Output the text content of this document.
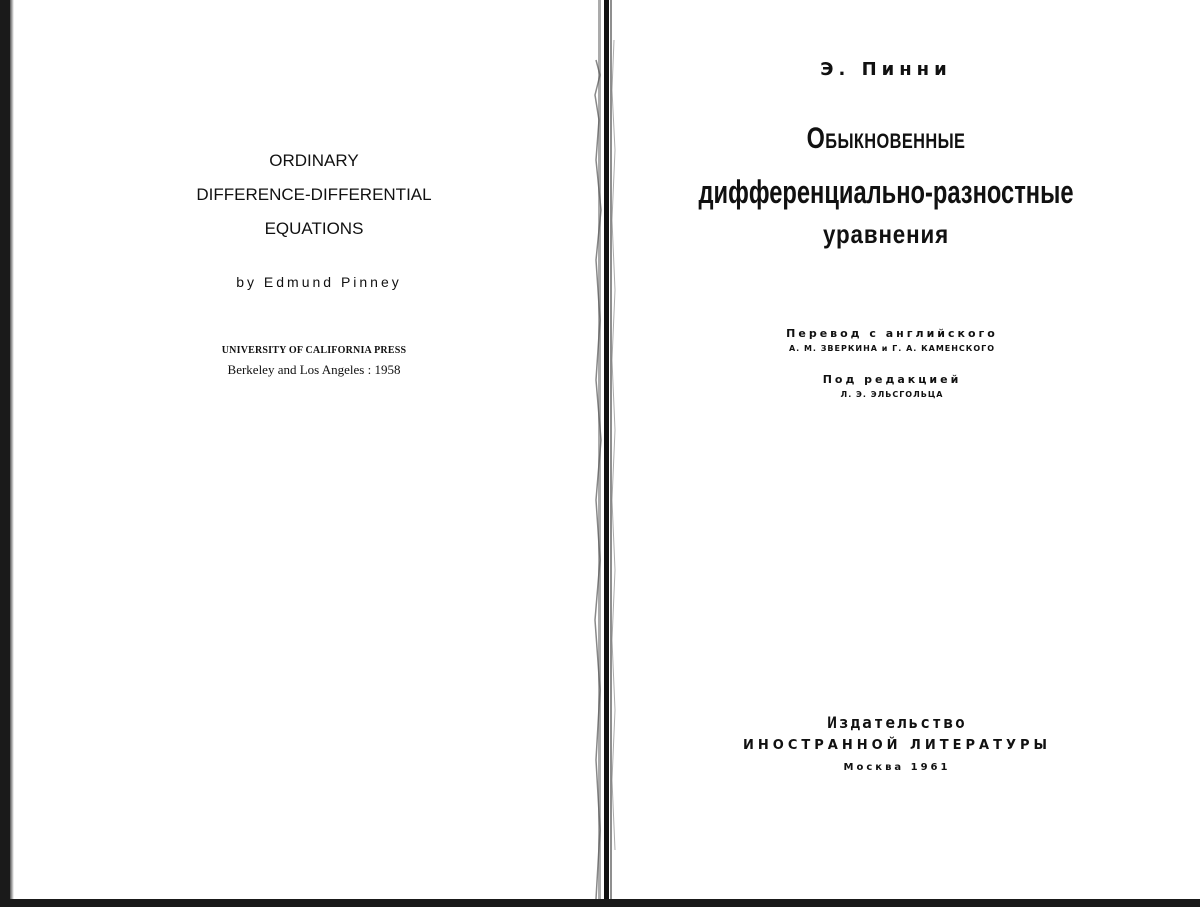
ORDINARY
DIFFERENCE-DIFFERENTIAL
EQUATIONS
by Edmund Pinney
UNIVERSITY OF CALIFORNIA PRESS
Berkeley and Los Angeles : 1958
Э. Пинни
Обыкновенные
дифференциально-разностные
уравнения
Перевод с английского
А. М. ЗВЕРКИНА и Г. А. КАМЕНСКОГО
Под редакцией
Л. Э. ЭЛЬСГОЛЬЦА
Издательство
ИНОСТРАННОЙ ЛИТЕРАТУРЫ
Москва 1961
